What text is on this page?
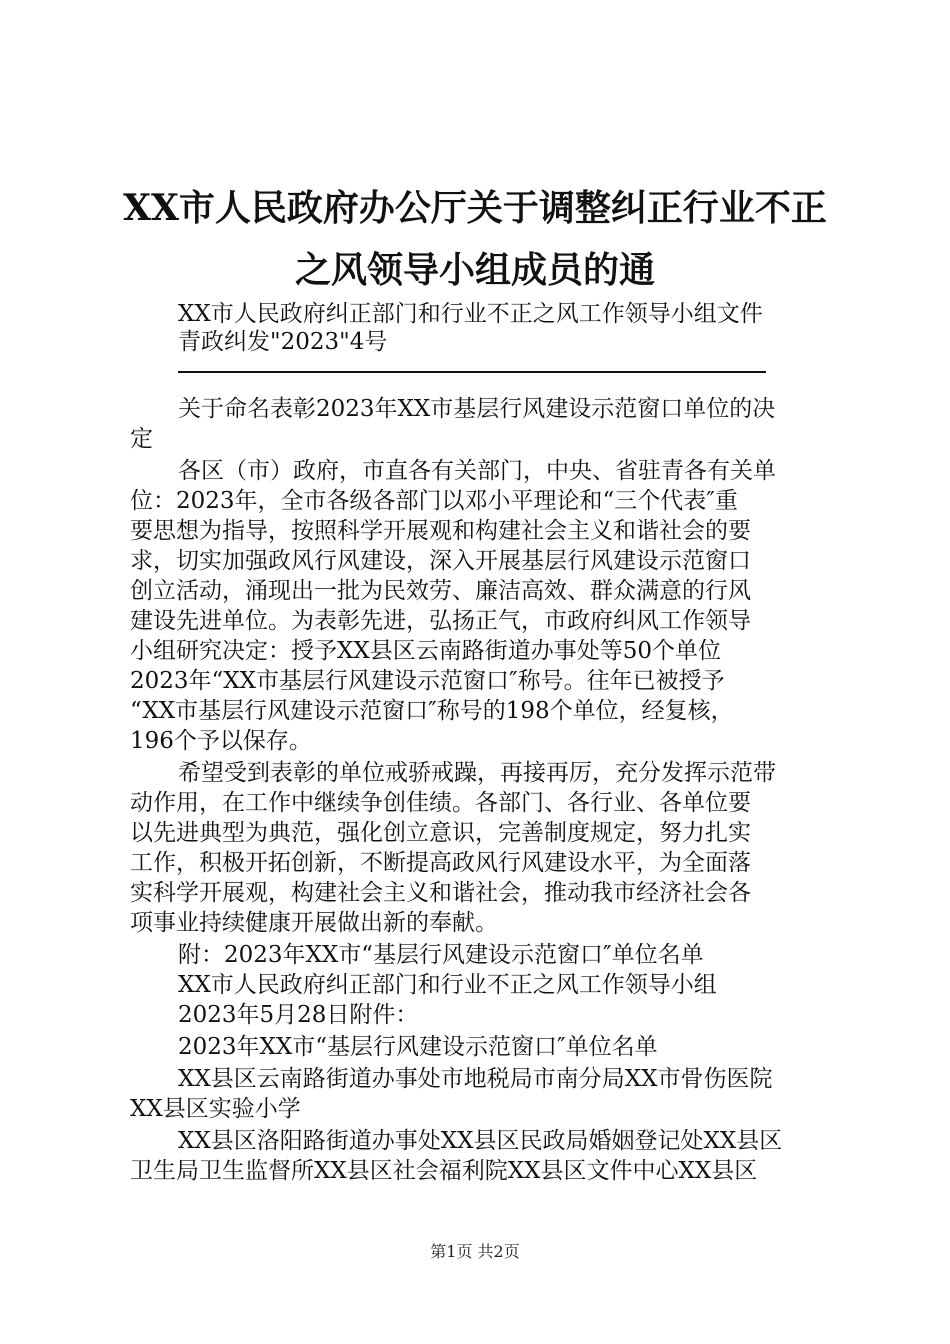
XX市人民政府办公厅关于调整纠正行业不正
之风领导小组成员的通
XX市人民政府纠正部门和行业不正之风工作领导小组文件
青政纠发"2023"4号
关于命名表彰2023年XX市基层行风建设示范窗口单位的决
定
各区（市）政府，市直各有关部门，中央、省驻青各有关单
位：2023年，全市各级各部门以邓小平理论和“三个代表″重
要思想为指导，按照科学开展观和构建社会主义和谐社会的要
求，切实加强政风行风建设，深入开展基层行风建设示范窗口
创立活动，涌现出一批为民效劳、廉洁高效、群众满意的行风
建设先进单位。为表彰先进，弘扬正气，市政府纠风工作领导
小组研究决定：授予XX县区云南路街道办事处等50个单位
2023年“XX市基层行风建设示范窗口″称号。往年已被授予
“XX市基层行风建设示范窗口″称号的198个单位，经复核，
196个予以保存。
希望受到表彰的单位戒骄戒躁，再接再厉，充分发挥示范带
动作用，在工作中继续争创佳绩。各部门、各行业、各单位要
以先进典型为典范，强化创立意识，完善制度规定，努力扎实
工作，积极开拓创新，不断提高政风行风建设水平，为全面落
实科学开展观，构建社会主义和谐社会，推动我市经济社会各
项事业持续健康开展做出新的奉献。
附：2023年XX市“基层行风建设示范窗口″单位名单
XX市人民政府纠正部门和行业不正之风工作领导小组
2023年5月28日附件：
2023年XX市“基层行风建设示范窗口″单位名单
XX县区云南路街道办事处市地税局市南分局XX市骨伤医院
XX县区实验小学
XX县区洛阳路街道办事处XX县区民政局婚姻登记处XX县区
卫生局卫生监督所XX县区社会福利院XX县区文件中心XX县区
第1页 共2页
